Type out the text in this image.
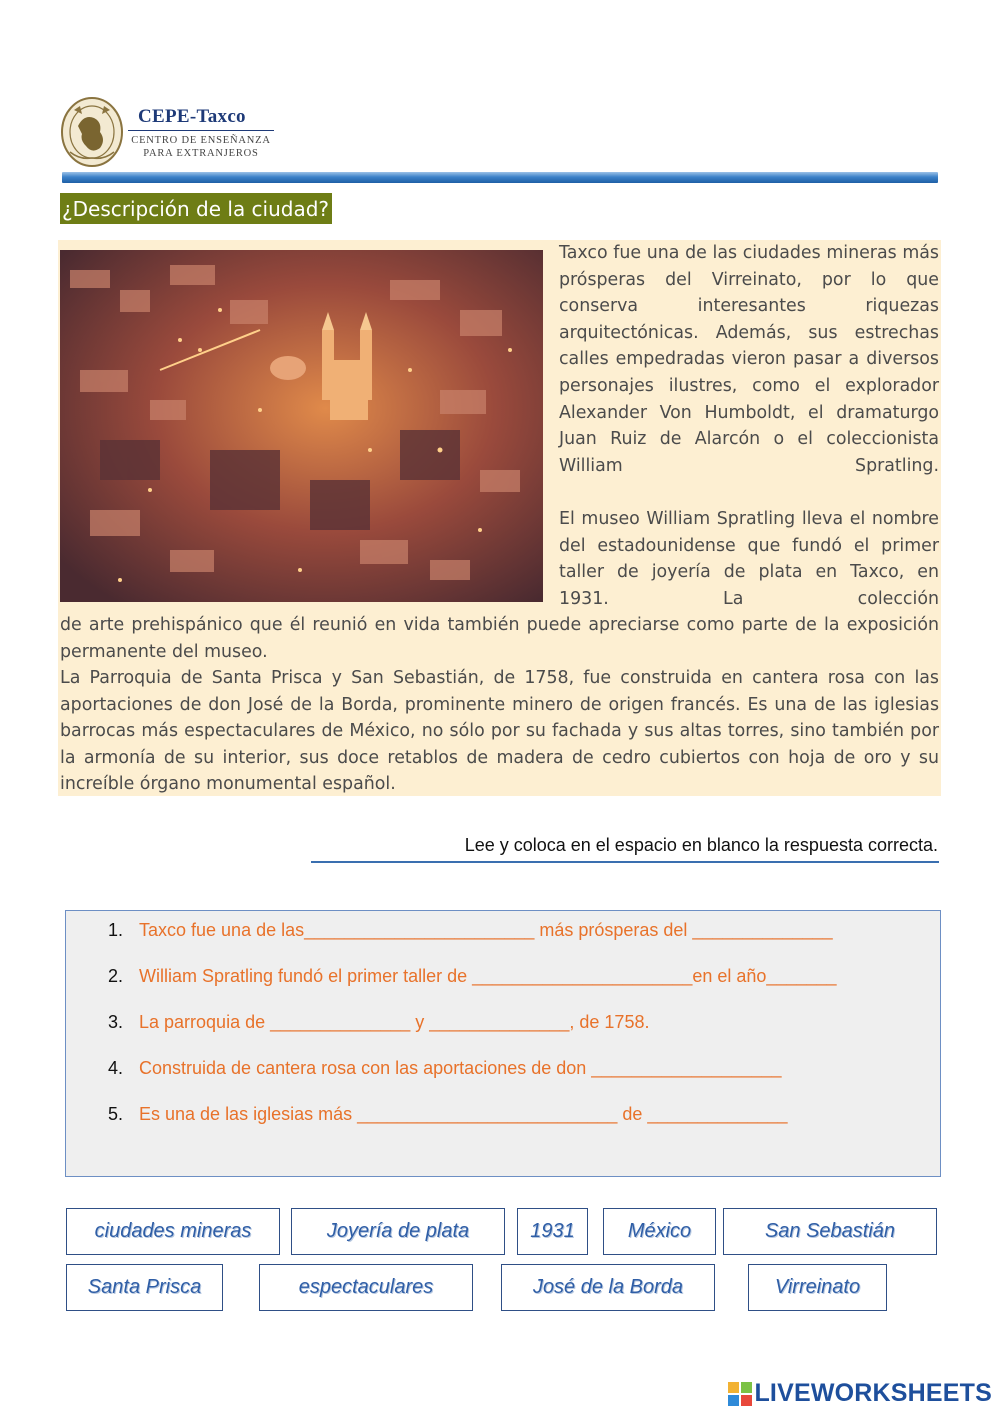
CEPE-Taxco
CENTRO DE ENSEÑANZA
PARA EXTRANJEROS
¿Descripción de la ciudad?
Taxco fue una de las ciudades mineras más prósperas del Virreinato, por lo que conserva interesantes riquezas arquitectónicas. Además, sus estrechas calles empedradas vieron pasar a diversos personajes ilustres, como el explorador Alexander Von Humboldt, el dramaturgo Juan Ruiz de Alarcón o el coleccionista William Spratling.
El museo William Spratling lleva el nombre del estadounidense que fundó el primer taller de joyería de plata en Taxco, en 1931. La colección
de arte prehispánico que él reunió en vida también puede apreciarse como parte de la exposición permanente del museo.
La Parroquia de Santa Prisca y San Sebastián, de 1758, fue construida en cantera rosa con las aportaciones de don José de la Borda, prominente minero de origen francés. Es una de las iglesias barrocas más espectaculares de México, no sólo por su fachada y sus altas torres, sino también por la armonía de su interior, sus doce retablos de madera de cedro cubiertos con hoja de oro y su increíble órgano monumental español.
Lee y coloca en el espacio en blanco la respuesta correcta.
1. Taxco fue una de las_______________________ más prósperas del ______________
2. William Spratling fundó el primer taller de ______________________en el año_______
3. La parroquia de ______________ y ______________, de 1758.
4. Construida de cantera rosa con las aportaciones de don ___________________
5. Es una de las iglesias más __________________________ de ______________
ciudades mineras	Joyería de plata	1931	México	San Sebastián
Santa Prisca	espectaculares	José de la Borda	Virreinato
LIVEWORKSHEETS
